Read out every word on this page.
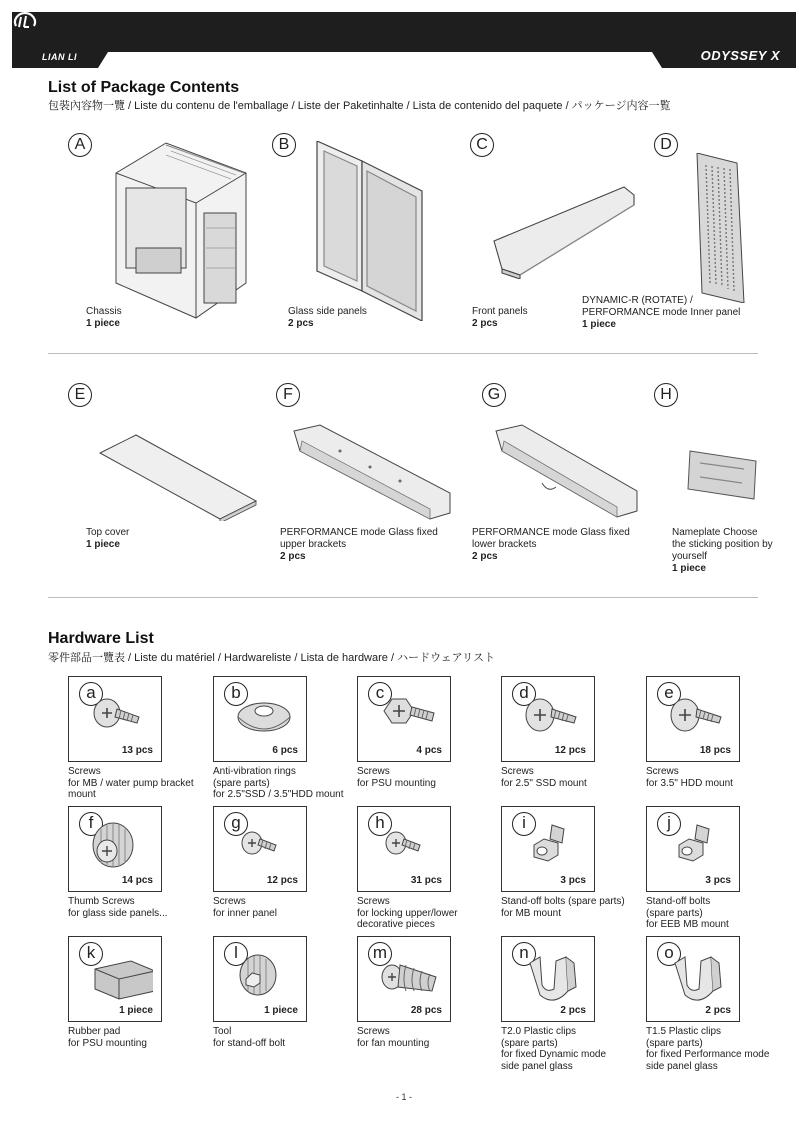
LIAN LI	ODYSSEY X
List of Package Contents
包裝內容物一覽 / Liste du contenu de l'emballage / Liste der Paketinhalte / Lista de contenido del paquete / パッケージ内容一覧
A
Chassis
1 piece
B
Glass side panels
2 pcs
C
Front panels
2 pcs
D
DYNAMIC-R (ROTATE) / PERFORMANCE mode Inner panel
1 piece
E
Top cover
1 piece
F
PERFORMANCE mode Glass fixed upper brackets
2 pcs
G
PERFORMANCE mode Glass fixed lower brackets
2 pcs
H
Nameplate Choose the sticking position by yourself
1 piece
Hardware List
零件部品一覽表 / Liste du matériel / Hardwareliste / Lista de hardware / ハードウェアリスト
a
13 pcs
Screws
for MB / water pump bracket
mount
b
6 pcs
Anti-vibration rings
(spare parts)
for 2.5"SSD / 3.5"HDD mount
c
4 pcs
Screws
for PSU mounting
d
12 pcs
Screws
for 2.5" SSD mount
e
18 pcs
Screws
for 3.5" HDD mount
f
14 pcs
Thumb Screws
for glass side panels...
g
12 pcs
Screws
for inner panel
h
31 pcs
Screws
for locking upper/lower
decorative pieces
i
3 pcs
Stand-off bolts (spare parts)
for MB mount
j
3 pcs
Stand-off bolts
(spare parts)
for EEB MB mount
k
1 piece
Rubber pad
for PSU mounting
l
1 piece
Tool
for stand-off bolt
m
28 pcs
Screws
for fan mounting
n
2 pcs
T2.0 Plastic clips
(spare parts)
for fixed Dynamic mode
side panel glass
o
2 pcs
T1.5 Plastic clips
(spare parts)
for fixed Performance mode
side panel glass
- 1 -
